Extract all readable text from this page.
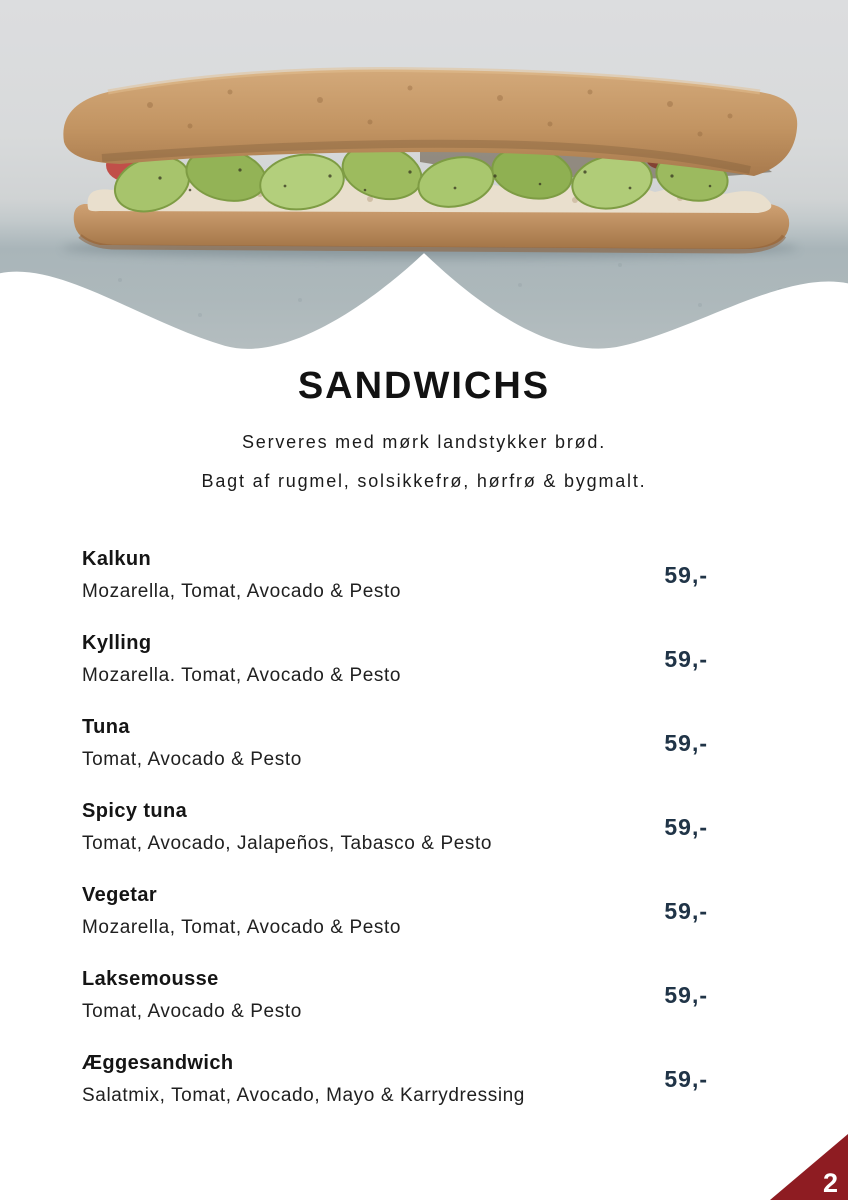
SANDWICHS
Serveres med mørk landstykker brød.
Bagt af rugmel, solsikkefrø, hørfrø & bygmalt.
Kalkun
Mozarella, Tomat, Avocado & Pesto
59,-
Kylling
Mozarella. Tomat, Avocado & Pesto
59,-
Tuna
Tomat, Avocado & Pesto
59,-
Spicy tuna
Tomat, Avocado, Jalapeños, Tabasco & Pesto
59,-
Vegetar
Mozarella, Tomat, Avocado & Pesto
59,-
Laksemousse
Tomat, Avocado & Pesto
59,-
Æggesandwich
Salatmix, Tomat, Avocado, Mayo & Karrydressing
59,-
2
